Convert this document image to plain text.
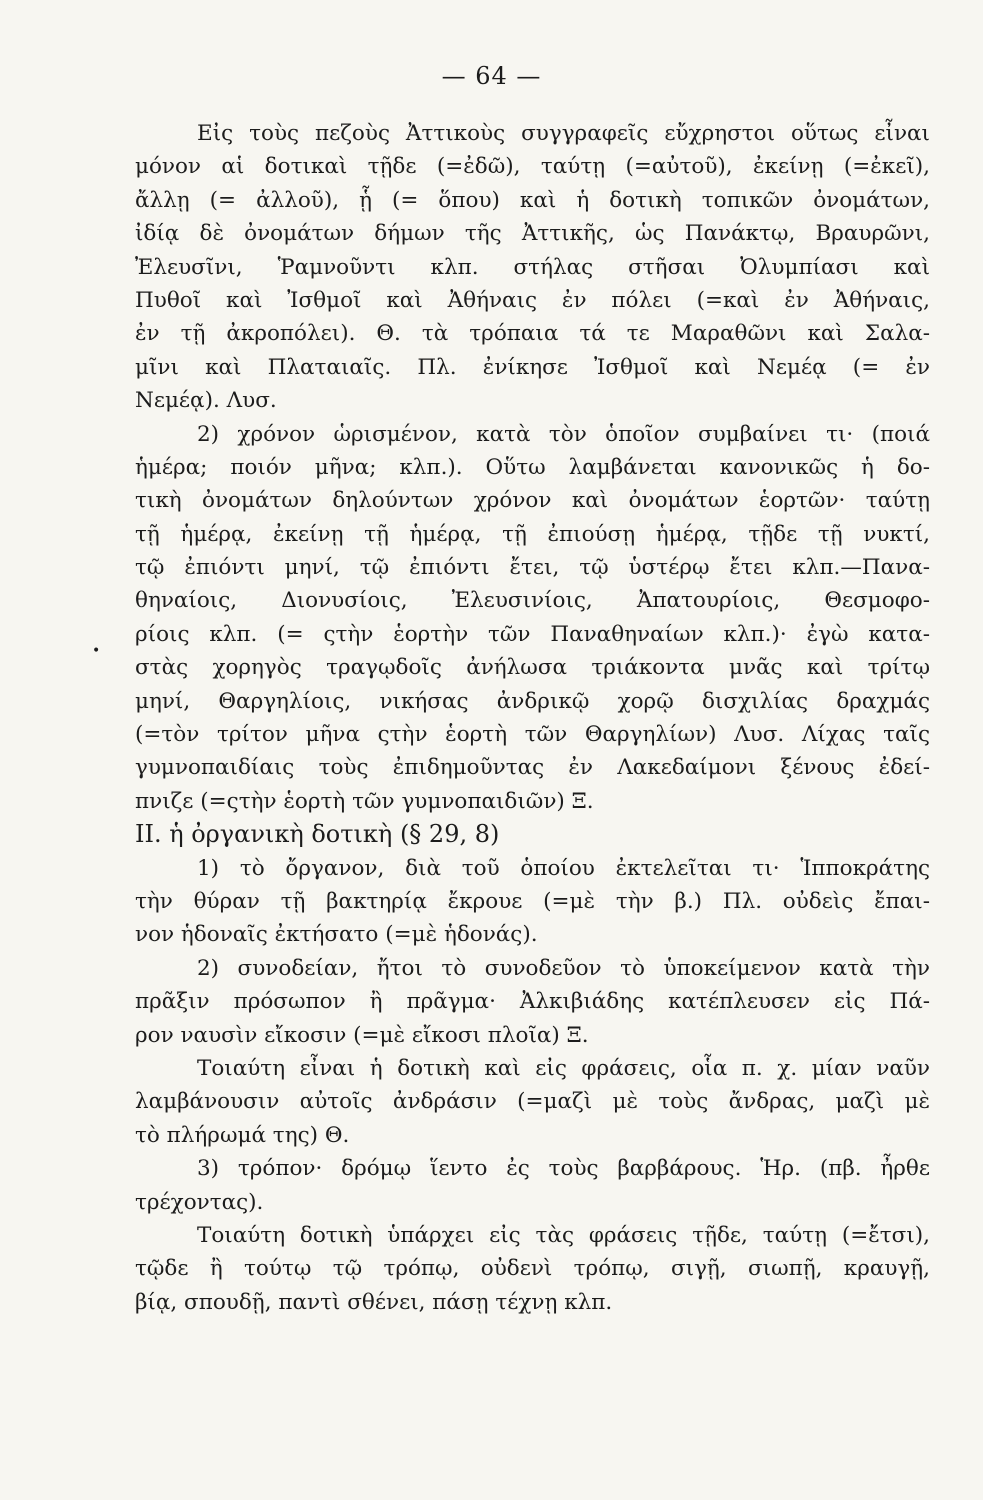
— 64 —
•
Εἰς τοὺς πεζοὺς Ἀττικοὺς συγγραφεῖς εὔχρηστοι οὕτως εἶναι
μόνον αἱ δοτικαὶ τῇδε (=ἐδῶ), ταύτῃ (=αὐτοῦ), ἐκείνῃ (=ἐκεῖ),
ἄλλῃ (= ἀλλοῦ), ᾗ (= ὅπου) καὶ ἡ δοτικὴ τοπικῶν ὀνομάτων,
ἰδίᾳ δὲ ὀνομάτων δήμων τῆς Ἀττικῆς, ὡς Πανάκτῳ, Βραυρῶνι,
Ἐλευσῖνι, Ῥαμνοῦντι κλπ. στήλας στῆσαι Ὀλυμπίασι καὶ
Πυθοῖ καὶ Ἰσθμοῖ καὶ Ἀθήναις ἐν πόλει (=καὶ ἐν Ἀθήναις,
ἐν τῇ ἀκροπόλει). Θ. τὰ τρόπαια τά τε Μαραθῶνι καὶ Σαλα-
μῖνι καὶ Πλαταιαῖς. Πλ. ἐνίκησε Ἰσθμοῖ καὶ Νεμέᾳ (= ἐν
Νεμέᾳ). Λυσ.
2) χρόνον ὡρισμένον, κατὰ τὸν ὁποῖον συμβαίνει τι· (ποιά
ἡμέρα; ποιόν μῆνα; κλπ.). Οὕτω λαμβάνεται κανονικῶς ἡ δο-
τικὴ ὀνομάτων δηλούντων χρόνον καὶ ὀνομάτων ἑορτῶν· ταύτῃ
τῇ ἡμέρᾳ, ἐκείνῃ τῇ ἡμέρᾳ, τῇ ἐπιούσῃ ἡμέρᾳ, τῇδε τῇ νυκτί,
τῷ ἐπιόντι μηνί, τῷ ἐπιόντι ἔτει, τῷ ὑστέρῳ ἔτει κλπ.—Πανα-
θηναίοις, Διονυσίοις, Ἐλευσινίοις, Ἀπατουρίοις, Θεσμοφο-
ρίοις κλπ. (= ςτὴν ἑορτὴν τῶν Παναθηναίων κλπ.)· ἐγὼ κατα-
στὰς χορηγὸς τραγῳδοῖς ἀνήλωσα τριάκοντα μνᾶς καὶ τρίτῳ
μηνί, Θαργηλίοις, νικήσας ἀνδρικῷ χορῷ δισχιλίας δραχμάς
(=τὸν τρίτον μῆνα ςτὴν ἑορτὴ τῶν Θαργηλίων) Λυσ. Λίχας ταῖς
γυμνοπαιδίαις τοὺς ἐπιδημοῦντας ἐν Λακεδαίμονι ξένους ἐδεί-
πνιζε (=ςτὴν ἑορτὴ τῶν γυμνοπαιδιῶν) Ξ.
II. ἡ ὀργανικὴ δοτικὴ (§ 29, 8)
1) τὸ ὄργανον, διὰ τοῦ ὁποίου ἐκτελεῖται τι· Ἱπποκράτης
τὴν θύραν τῇ βακτηρίᾳ ἔκρουε (=μὲ τὴν β.) Πλ. οὐδεὶς ἔπαι-
νον ἡδοναῖς ἐκτήσατο (=μὲ ἡδονάς).
2) συνοδείαν, ἤτοι τὸ συνοδεῦον τὸ ὑποκείμενον κατὰ τὴν
πρᾶξιν πρόσωπον ἢ πρᾶγμα· Ἀλκιβιάδης κατέπλευσεν εἰς Πά-
ρον ναυσὶν εἴκοσιν (=μὲ εἴκοσι πλοῖα) Ξ.
Τοιαύτη εἶναι ἡ δοτικὴ καὶ εἰς φράσεις, οἷα π. χ. μίαν ναῦν
λαμβάνουσιν αὐτοῖς ἀνδράσιν (=μαζὶ μὲ τοὺς ἄνδρας, μαζὶ μὲ
τὸ πλήρωμά της) Θ.
3) τρόπον· δρόμῳ ἵεντο ἐς τοὺς βαρβάρους. Ἡρ. (πβ. ἦρθε
τρέχοντας).
Τοιαύτη δοτικὴ ὑπάρχει εἰς τὰς φράσεις τῇδε, ταύτῃ (=ἔτσι),
τῷδε ἢ τούτῳ τῷ τρόπῳ, οὐδενὶ τρόπῳ, σιγῇ, σιωπῇ, κραυγῇ,
βίᾳ, σπουδῇ, παντὶ σθένει, πάσῃ τέχνῃ κλπ.
